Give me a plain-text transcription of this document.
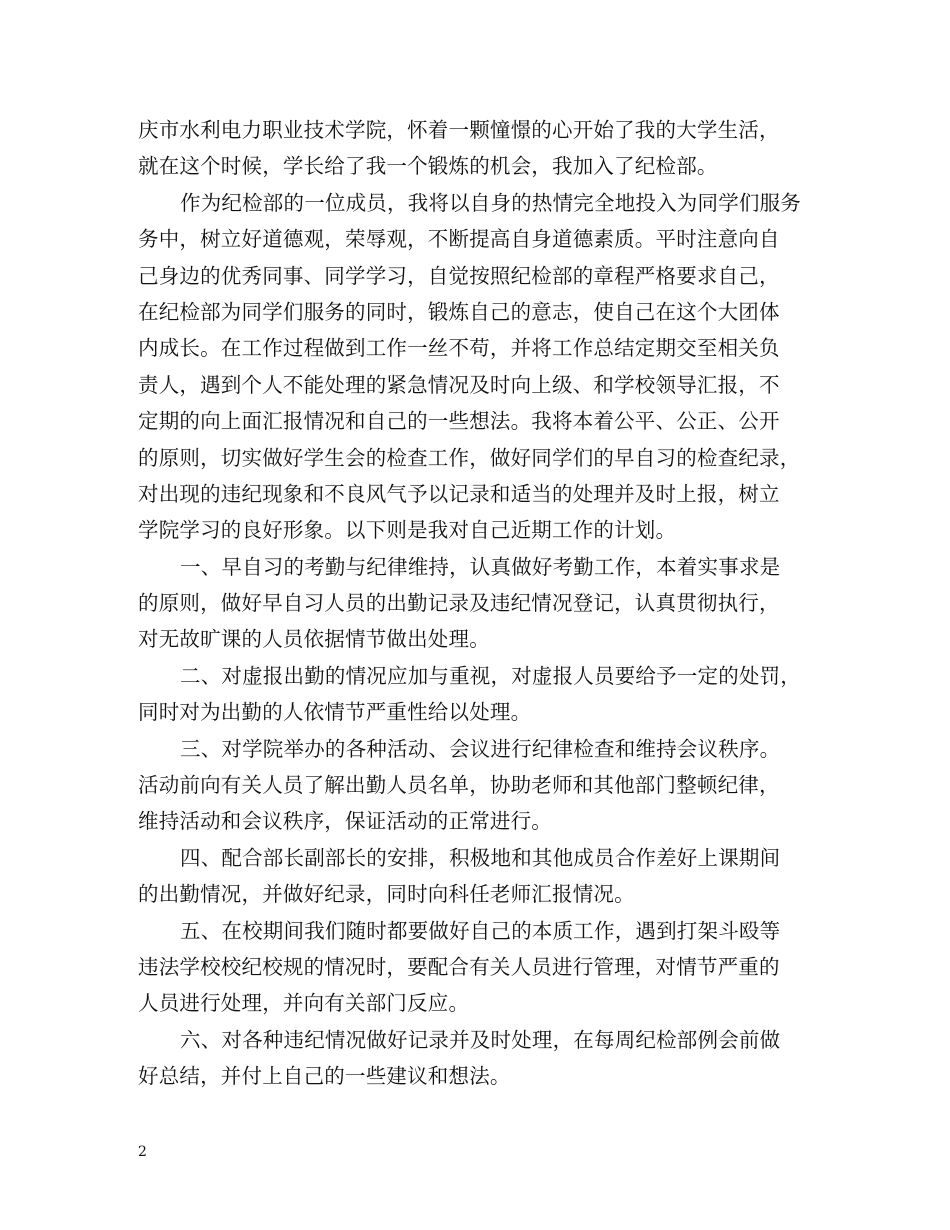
庆市水利电力职业技术学院，怀着一颗憧憬的心开始了我的大学生活，
就在这个时候，学长给了我一个锻炼的机会，我加入了纪检部。
作为纪检部的一位成员，我将以自身的热情完全地投入为同学们服务
务中，树立好道德观，荣辱观，不断提高自身道德素质。平时注意向自
己身边的优秀同事、同学学习，自觉按照纪检部的章程严格要求自己，
在纪检部为同学们服务的同时，锻炼自己的意志，使自己在这个大团体
内成长。在工作过程做到工作一丝不苟，并将工作总结定期交至相关负
责人，遇到个人不能处理的紧急情况及时向上级、和学校领导汇报，不
定期的向上面汇报情况和自己的一些想法。我将本着公平、公正、公开
的原则，切实做好学生会的检查工作，做好同学们的早自习的检查纪录，
对出现的违纪现象和不良风气予以记录和适当的处理并及时上报，树立
学院学习的良好形象。以下则是我对自己近期工作的计划。
一、早自习的考勤与纪律维持，认真做好考勤工作，本着实事求是
的原则，做好早自习人员的出勤记录及违纪情况登记，认真贯彻执行，
对无故旷课的人员依据情节做出处理。
二、对虚报出勤的情况应加与重视，对虚报人员要给予一定的处罚，
同时对为出勤的人依情节严重性给以处理。
三、对学院举办的各种活动、会议进行纪律检查和维持会议秩序。
活动前向有关人员了解出勤人员名单，协助老师和其他部门整顿纪律，
维持活动和会议秩序，保证活动的正常进行。
四、配合部长副部长的安排，积极地和其他成员合作差好上课期间
的出勤情况，并做好纪录，同时向科任老师汇报情况。
五、在校期间我们随时都要做好自己的本质工作，遇到打架斗殴等
违法学校校纪校规的情况时，要配合有关人员进行管理，对情节严重的
人员进行处理，并向有关部门反应。
六、对各种违纪情况做好记录并及时处理，在每周纪检部例会前做
好总结，并付上自己的一些建议和想法。
2
